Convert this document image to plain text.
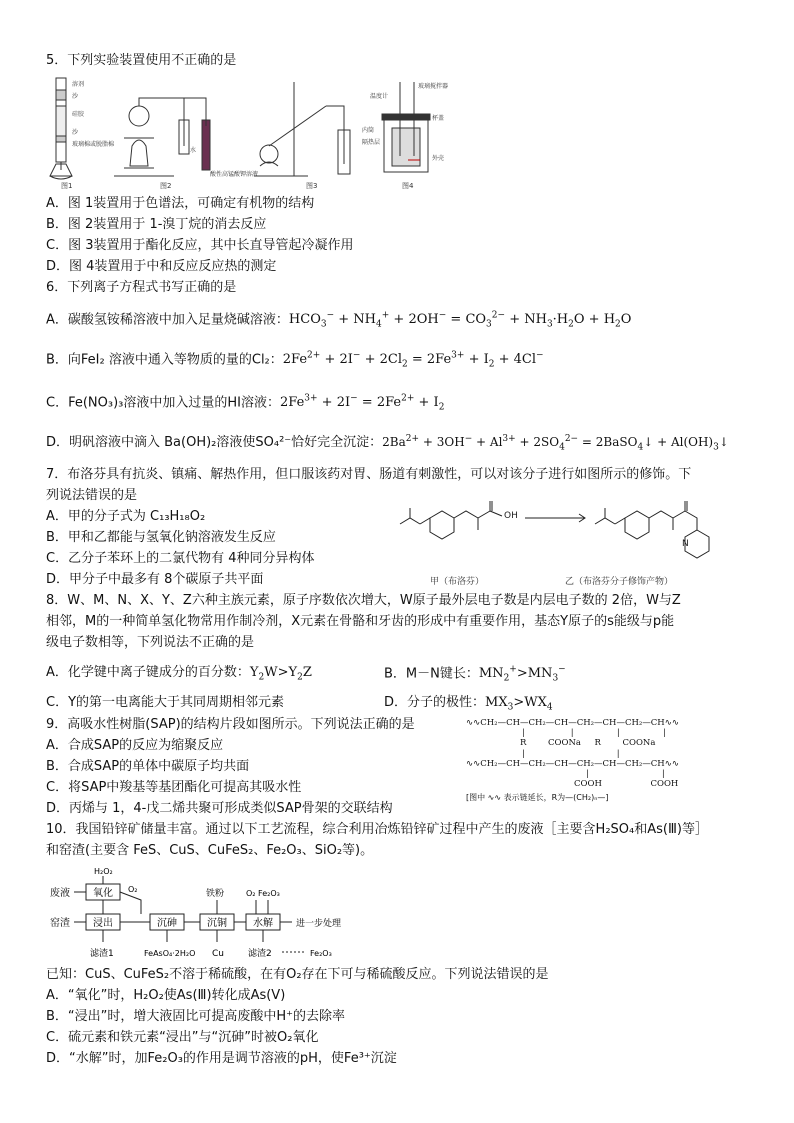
5．下列实验装置使用不正确的是
图1
溶剂
沙
硅胶
沙
玻璃棉或脱脂棉
图2
水
酸性高锰酸钾溶液
图3	图4
温度计
玻璃搅拌器
内筒
隔热层
杯盖
外壳
A．图 1装置用于色谱法，可确定有机物的结构
B．图 2装置用于 1-溴丁烷的消去反应
C．图 3装置用于酯化反应，其中长直导管起冷凝作用
D．图 4装置用于中和反应反应热的测定
6．下列离子方程式书写正确的是
A．碳酸氢铵稀溶液中加入足量烧碱溶液：$HCO_3^- + NH_4^+ + 2OH^- = CO_3^{2-} + NH_3\cdot H_2O + H_2O$
B．向FeI₂ 溶液中通入等物质的量的Cl₂：$2Fe^{2+} + 2I^- + 2Cl_2 = 2Fe^{3+} + I_2 + 4Cl^-$
C．Fe(NO₃)₃溶液中加入过量的HI溶液：$2Fe^{3+} + 2I^- = 2Fe^{2+} + I_2$
D．明矾溶液中滴入 Ba(OH)₂溶液使SO₄²⁻恰好完全沉淀：$2Ba^{2+} + 3OH^- + Al^{3+} + 2SO_4^{2-}$ = 2BaSO$_4$↓ + $Al(OH)_3↓$
7．布洛芬具有抗炎、镇痛、解热作用，但口服该药对胃、肠道有刺激性，可以对该分子进行如图所示的修饰。下
列说法错误的是
A．甲的分子式为 C₁₃H₁₈O₂
B．甲和乙都能与氢氧化钠溶液发生反应
C．乙分子苯环上的二氯代物有 4种同分异构体
D．甲分子中最多有 8个碳原子共平面
OH
N
甲（布洛芬）	乙（布洛芬分子修饰产物）
8．W、M、N、X、Y、Z六种主族元素，原子序数依次增大，W原子最外层电子数是内层电子数的 2倍，W与Z
相邻，M的一种简单氢化物常用作制冷剂，X元素在骨骼和牙齿的形成中有重要作用，基态Y原子的s能级与p能
级电子数相等，下列说法不正确的是
A．化学键中离子键成分的百分数：$Y_2W>Y_2Z$	B．M－N键长：$MN_2^+>MN_3^-$
C．Y的第一电离能大于其同周期相邻元素	D．分子的极性：$MX_3>WX_4$
9．高吸水性树脂(SAP)的结构片段如图所示。下列说法正确的是
A．合成SAP的反应为缩聚反应
B．合成SAP的单体中碳原子均共面
C．将SAP中羧基等基团酯化可提高其吸水性
D．丙烯与 1，4-戊二烯共聚可形成类似SAP骨架的交联结构
∿∿CH₂—CH—CH₂—CH—CH₂—CH—CH₂—CH∿∿
|                 |                |                |
R        COONa     R        COONa
|                                  |
∿∿CH₂—CH—CH₂—CH—CH₂—CH—CH₂—CH∿∿
|                           |
COOH                  COOH
[图中 ∿∿ 表示链延长，R为—(CH₂)ₙ—]
10．我国铅锌矿储量丰富。通过以下工艺流程，综合利用冶炼铅锌矿过程中产生的废液［主要含H₂SO₄和As(Ⅲ)等］
和窑渣(主要含 FeS、CuS、CuFeS₂、Fe₂O₃、SiO₂等)。
氧化
浸出	沉砷	沉铜	水解
废液
窑渣
H₂O₂
O₂	铁粉	O₂ Fe₂O₃
进一步处理
滤渣1	FeAsO₄·2H₂O Cu	滤渣2	Fe₂O₃
已知：CuS、CuFeS₂不溶于稀硫酸，在有O₂存在下可与稀硫酸反应。下列说法错误的是
A．“氧化”时，H₂O₂使As(Ⅲ)转化成As(Ⅴ)
B．“浸出”时，增大液固比可提高废酸中H⁺的去除率
C．硫元素和铁元素“浸出”与“沉砷”时被O₂氧化
D．“水解”时，加Fe₂O₃的作用是调节溶液的pH，使Fe³⁺沉淀
